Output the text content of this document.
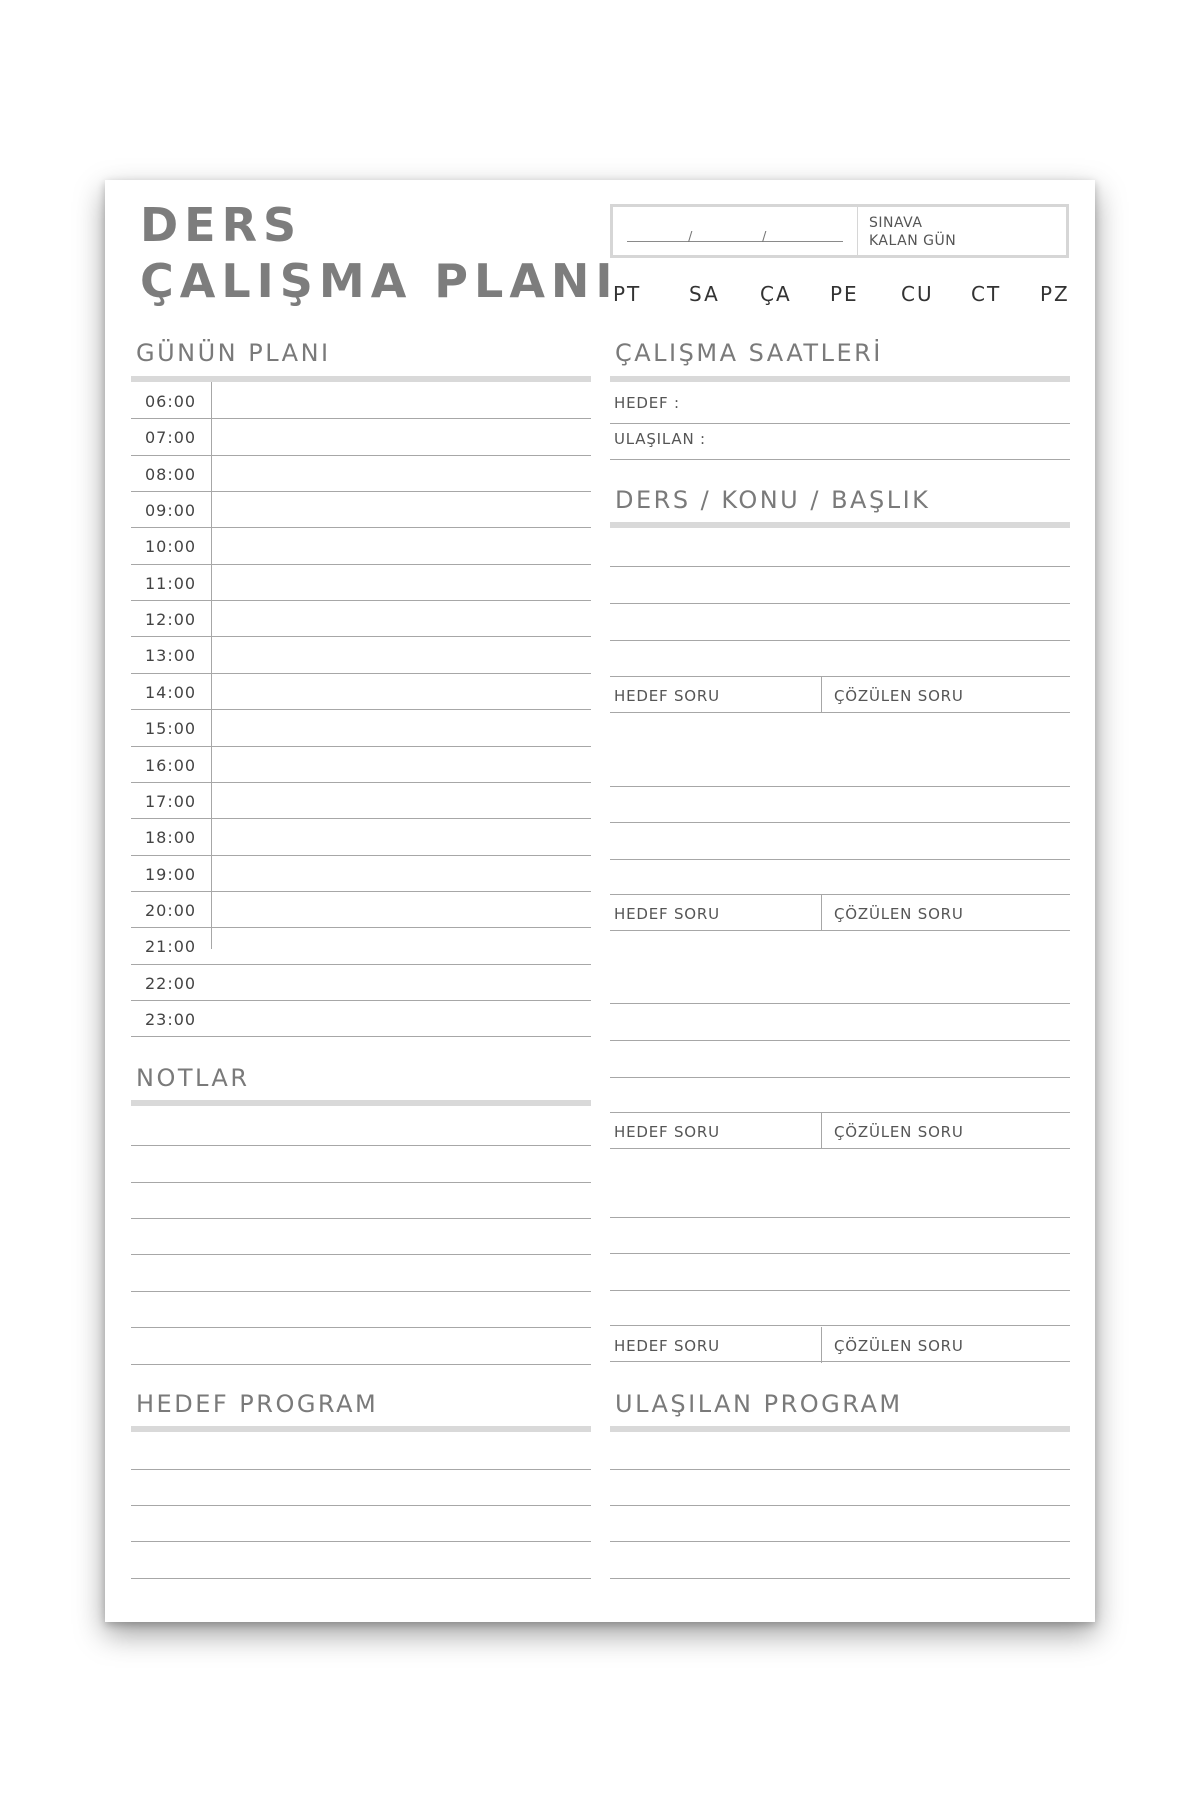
DERS
ÇALIŞMA PLANI
/	/
SINAVA
KALAN GÜN
PT SA ÇA PE CU CT PZ
GÜNÜN PLANI
06:00
07:00
08:00
09:00
10:00
11:00
12:00
13:00
14:00
15:00
16:00
17:00
18:00
19:00
20:00
21:00
22:00
23:00
ÇALIŞMA SAATLERİ
HEDEF :
ULAŞILAN :
DERS / KONU / BAŞLIK
HEDEF SORU	ÇÖZÜLEN SORU
HEDEF SORU	ÇÖZÜLEN SORU
HEDEF SORU	ÇÖZÜLEN SORU
HEDEF SORU	ÇÖZÜLEN SORU
NOTLAR
HEDEF PROGRAM	ULAŞILAN PROGRAM
